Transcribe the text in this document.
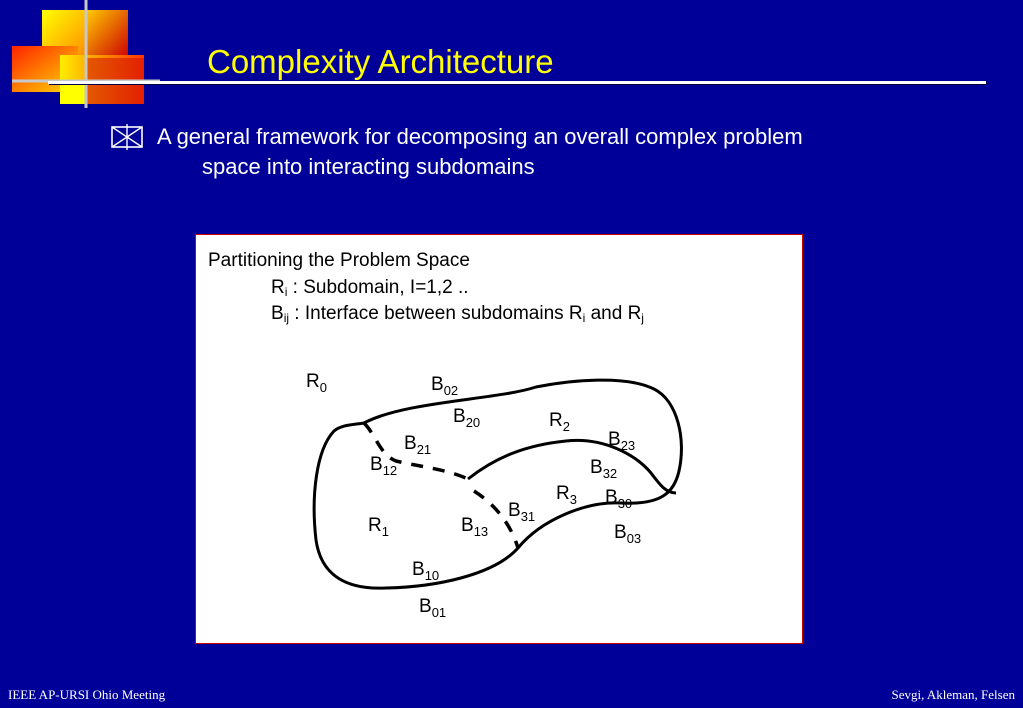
Complexity Architecture
A general framework for decomposing an overall complex problem
space into interacting subdomains
Partitioning the Problem Space
$R_i$ : Subdomain, I=1,2 ..
$B_{ij}$ : Interface between subdomains $R_i$ and $R_j$
$R_0$
$R_1$
$R_2$
$R_3$
$B_{02}$
$B_{20}$
$B_{21}$
$B_{12}$
$B_{23}$
$B_{32}$
$B_{30}$
$B_{31}$
$B_{13}$	$B_{03}$
$B_{10}$
$B_{01}$
IEEE AP-URSI Ohio Meeting	Sevgi, Akleman, Felsen
